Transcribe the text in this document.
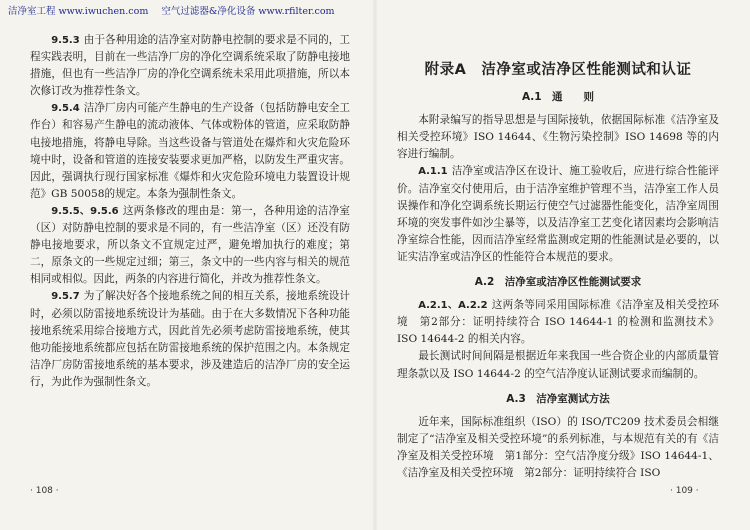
洁净室工程 www.iwuchen.com 空气过滤器&净化设备 www.rfilter.com

9.5.3 由于各种用途的洁净室对防静电控制的要求是不同的，工程实践表明，目前在一些洁净厂房的净化空调系统采取了防静电接地措施，但也有一些洁净厂房的净化空调系统未采用此项措施，所以本次修订改为推荐性条文。

9.5.4 洁净厂房内可能产生静电的生产设备（包括防静电安全工作台）和容易产生静电的流动液体、气体或粉体的管道，应采取防静电接地措施，将静电导除。当这些设备与管道处在爆炸和火灾危险环境中时，设备和管道的连接安装要求更加严格，以防发生严重灾害。因此，强调执行现行国家标准《爆炸和火灾危险环境电力装置设计规范》GB 50058的规定。本条为强制性条文。

9.5.5、9.5.6 这两条修改的理由是：第一，各种用途的洁净室（区）对防静电控制的要求是不同的，有一些洁净室（区）还没有防静电接地要求，所以条文不宜规定过严，避免增加执行的难度；第二，原条文的一些规定过细；第三，条文中的一些内容与相关的规范相同或相似。因此，两条的内容进行简化，并改为推荐性条文。

9.5.7 为了解决好各个接地系统之间的相互关系，接地系统设计时，必须以防雷接地系统设计为基础。由于在大多数情况下各种功能接地系统采用综合接地方式，因此首先必须考虑防雷接地系统，使其他功能接地系统都应包括在防雷接地系统的保护范围之内。本条规定洁净厂房防雷接地系统的基本要求，涉及建造后的洁净厂房的安全运行，为此作为强制性条文。

· 108 ·
附录A　洁净室或洁净区性能测试和认证
A.1　通　　则

本附录编写的指导思想是与国际接轨，依据国际标准《洁净室及相关受控环境》ISO 14644、《生物污染控制》ISO 14698 等的内容进行编制。

A.1.1 洁净室或洁净区在设计、施工验收后，应进行综合性能评价。洁净室交付使用后，由于洁净室维护管理不当，洁净室工作人员误操作和净化空调系统长期运行使空气过滤器性能变化，洁净室周围环境的突发事件如沙尘暴等，以及洁净室工艺变化诸因素均会影响洁净室综合性能，因而洁净室经常监测或定期的性能测试是必要的，以证实洁净室或洁净区的性能符合本规范的要求。

A.2　洁净室或洁净区性能测试要求

A.2.1、A.2.2 这两条等同采用国际标准《洁净室及相关受控环境　第2部分：证明持续符合 ISO 14644-1 的检测和监测技术》ISO 14644-2 的相关内容。

最长测试时间间隔是根据近年来我国一些合资企业的内部质量管理条款以及 ISO 14644-2 的空气洁净度认证测试要求而编制的。

A.3　洁净室测试方法

近年来，国际标准组织（ISO）的 ISO/TC209 技术委员会相继制定了“洁净室及相关受控环境”的系列标准，与本规范有关的有《洁净室及相关受控环境　第1部分：空气洁净度分级》ISO 14644-1、《洁净室及相关受控环境　第2部分：证明持续符合 ISO

· 109 ·
